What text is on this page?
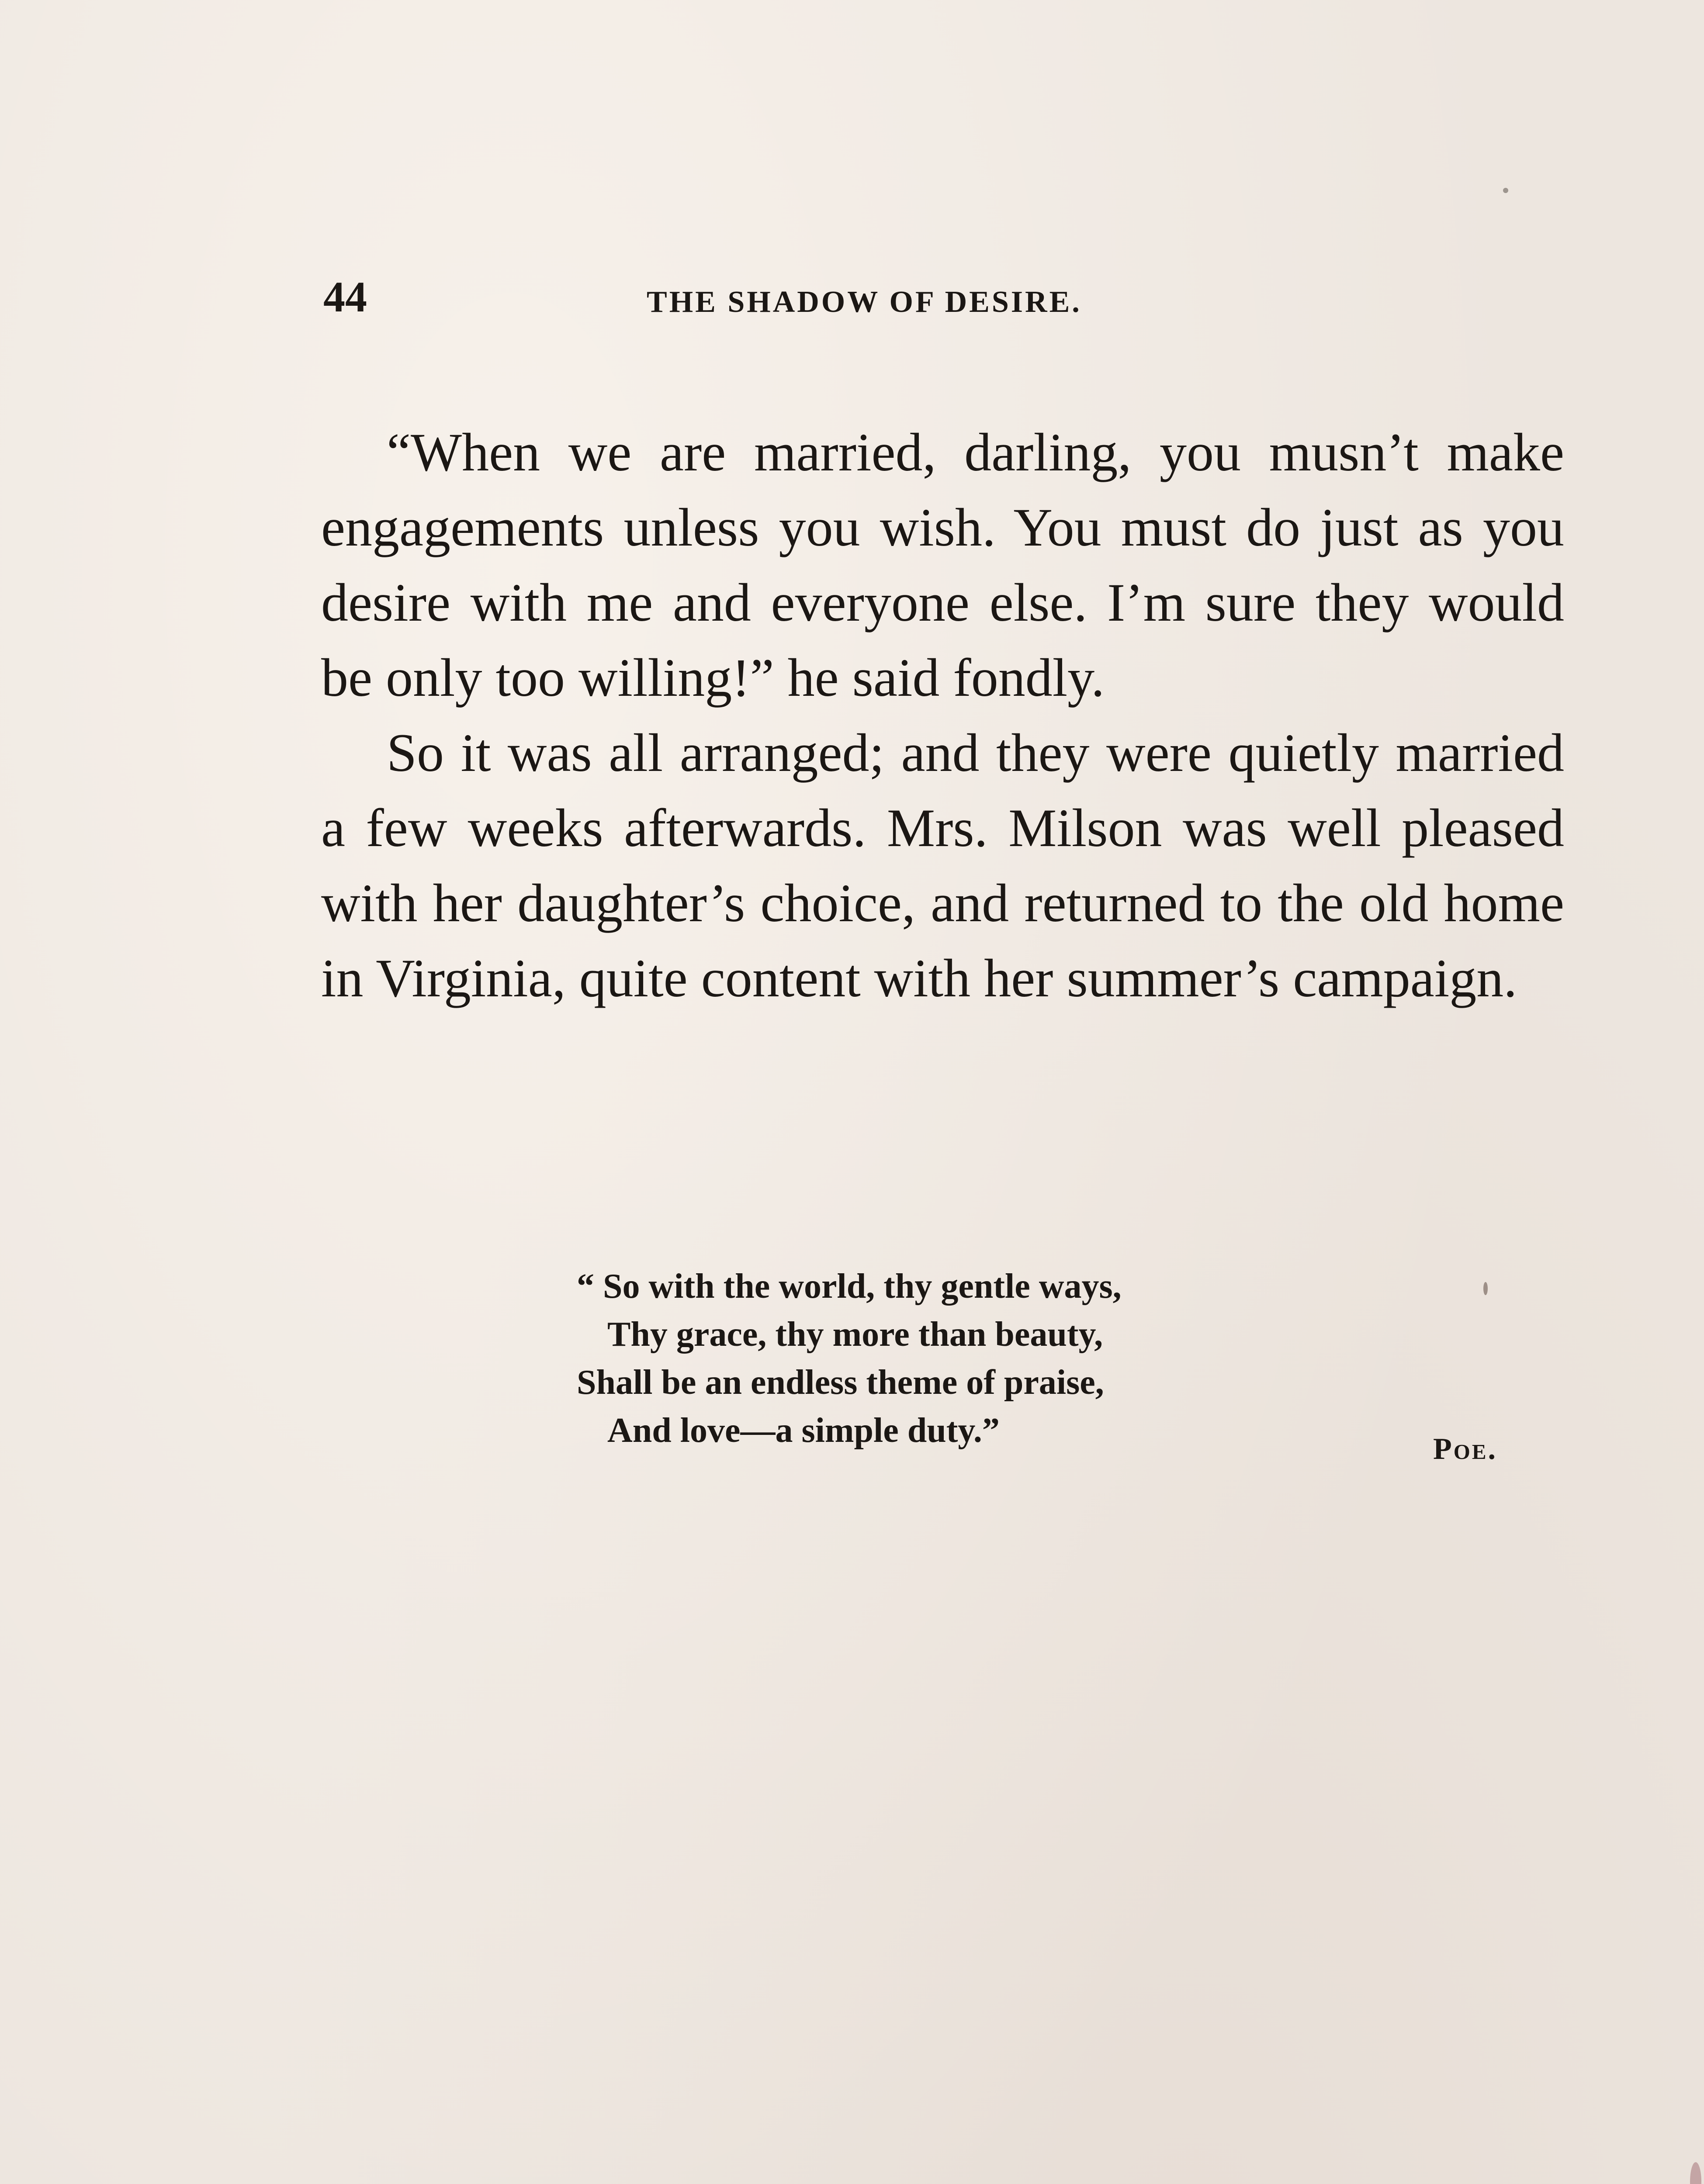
44	THE SHADOW OF DESIRE.

“When we are married, darling, you musn’t make engagements unless you wish. You must do just as you desire with me and everyone else. I’m sure they would be only too willing!” he said fondly.

So it was all arranged; and they were quietly married a few weeks afterwards. Mrs. Milson was well pleased with her daughter’s choice, and returned to the old home in Virginia, quite content with her summer’s campaign.

“ So with the world, thy gentle ways,
Thy grace, thy more than beauty,
Shall be an endless theme of praise,
And love—a simple duty.”	Poe.
